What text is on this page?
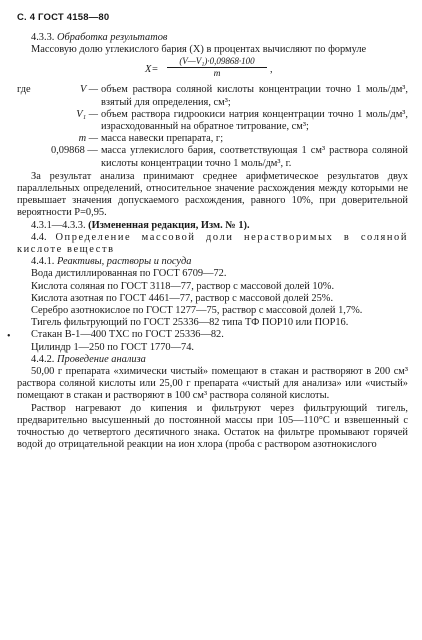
С. 4 ГОСТ 4158—80

4.3.3. Обработка результатов

Массовую долю углекислого бария (X) в процентах вычисляют по формуле

$X= \frac{\text{(V—V₁)·0,09868·100}}{m}$ ,
где	V — объем раствора соляной кислоты концентрации точно 1 моль/дм³, взятый для определения, см³;
V₁ — объем раствора гидроокиси натрия концентрации точно 1 моль/дм³, израсходованный на обратное титрование, см³;
m — масса навески препарата, г;
0,09868 — масса углекислого бария, соответствующая 1 см³ раствора соляной кислоты концентрации точно 1 моль/дм³, г.

За результат анализа принимают среднее арифметическое результатов двух параллельных определений, относительное значение расхождения между которыми не превышает значения допускаемого расхождения, равного 10%, при доверительной вероятности P=0,95.

4.3.1—4.3.3. (Измененная редакция, Изм. № 1).

4.4. Определение массовой доли нерастворимых в соляной кислоте веществ

4.4.1. Реактивы, растворы и посуда

Вода дистиллированная по ГОСТ 6709—72.

Кислота соляная по ГОСТ 3118—77, раствор с массовой долей 10%.

Кислота азотная по ГОСТ 4461—77, раствор с массовой долей 25%.

Серебро азотнокислое по ГОСТ 1277—75, раствор с массовой долей 1,7%.

Тигель фильтрующий по ГОСТ 25336—82 типа ТФ ПОР10 или ПОР16.

Стакан В-1—400 ТХС по ГОСТ 25336—82.

Цилиндр 1—250 по ГОСТ 1770—74.

4.4.2. Проведение анализа

50,00 г препарата «химически чистый» помещают в стакан и растворяют в 200 см³ раствора соляной кислоты или 25,00 г препарата «чистый для анализа» или «чистый» помещают в стакан и растворяют в 100 см³ раствора соляной кислоты.

Раствор нагревают до кипения и фильтруют через фильтрующий тигель, предварительно высушенный до постоянной массы при 105—110°С и взвешенный с точностью до четвертого десятичного знака. Остаток на фильтре промывают горячей водой до отрицательной реакции на ион хлора (проба с раствором азотнокислого

•
